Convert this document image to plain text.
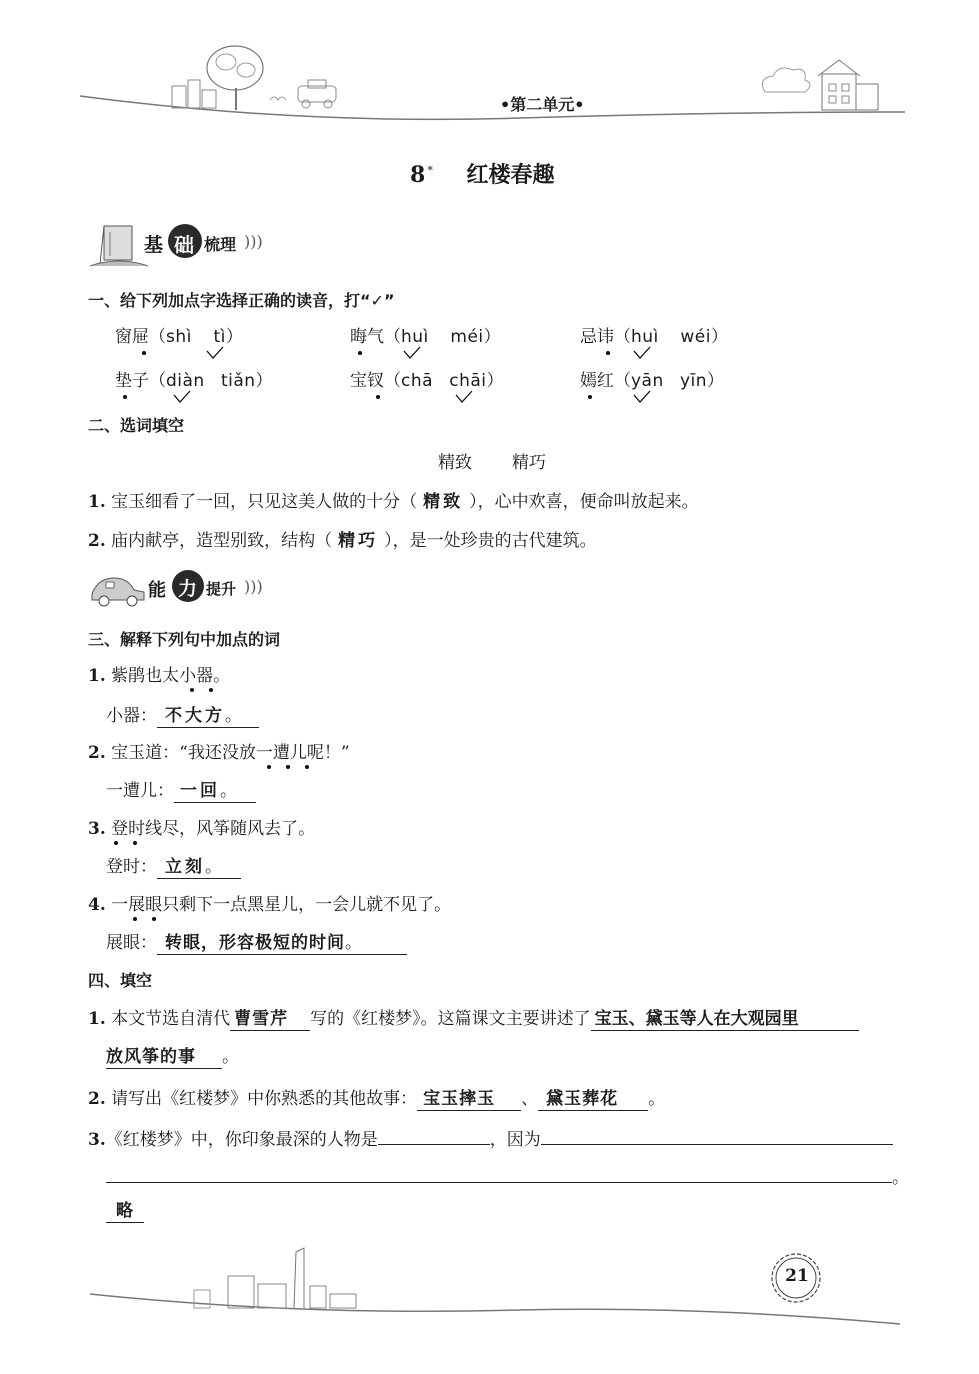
•第二单元•
8 * 红楼春趣
基 础 梳理 )))
一、给下列加点字选择正确的读音，打“✓”
窗屉（shì tì）	晦气（huì méi）	忌讳（huì wéi）
垫子（diàn tiǎn）	宝钗（chā chāi）	嫣红（yān yīn）
二、选词填空
精致 精巧
1. 宝玉细看了一回，只见这美人做的十分（ 精致 ），心中欢喜，便命叫放起来。
2. 庙内献亭，造型别致，结构（ 精巧 ），是一处珍贵的古代建筑。
能 力 提升 )))
三、解释下列句中加点的词
1. 紫鹃也太小器。
小器： 不大方。
2. 宝玉道：“我还没放一遭儿呢！”
一遭儿： 一回。
3. 登时线尽，风筝随风去了。
登时： 立刻。
4. 一展眼只剩下一点黑星儿，一会儿就不见了。
展眼： 转眼，形容极短的时间。
四、填空
1. 本文节选自清代 曹雪芹 写的《红楼梦》。这篇课文主要讲述了 宝玉、黛玉等人在大观园里
放风筝的事 。
2. 请写出《红楼梦》中你熟悉的其他故事： 宝玉摔玉 、 黛玉葬花 。
3.《红楼梦》中，你印象最深的人物是	，因为
。
略
21
